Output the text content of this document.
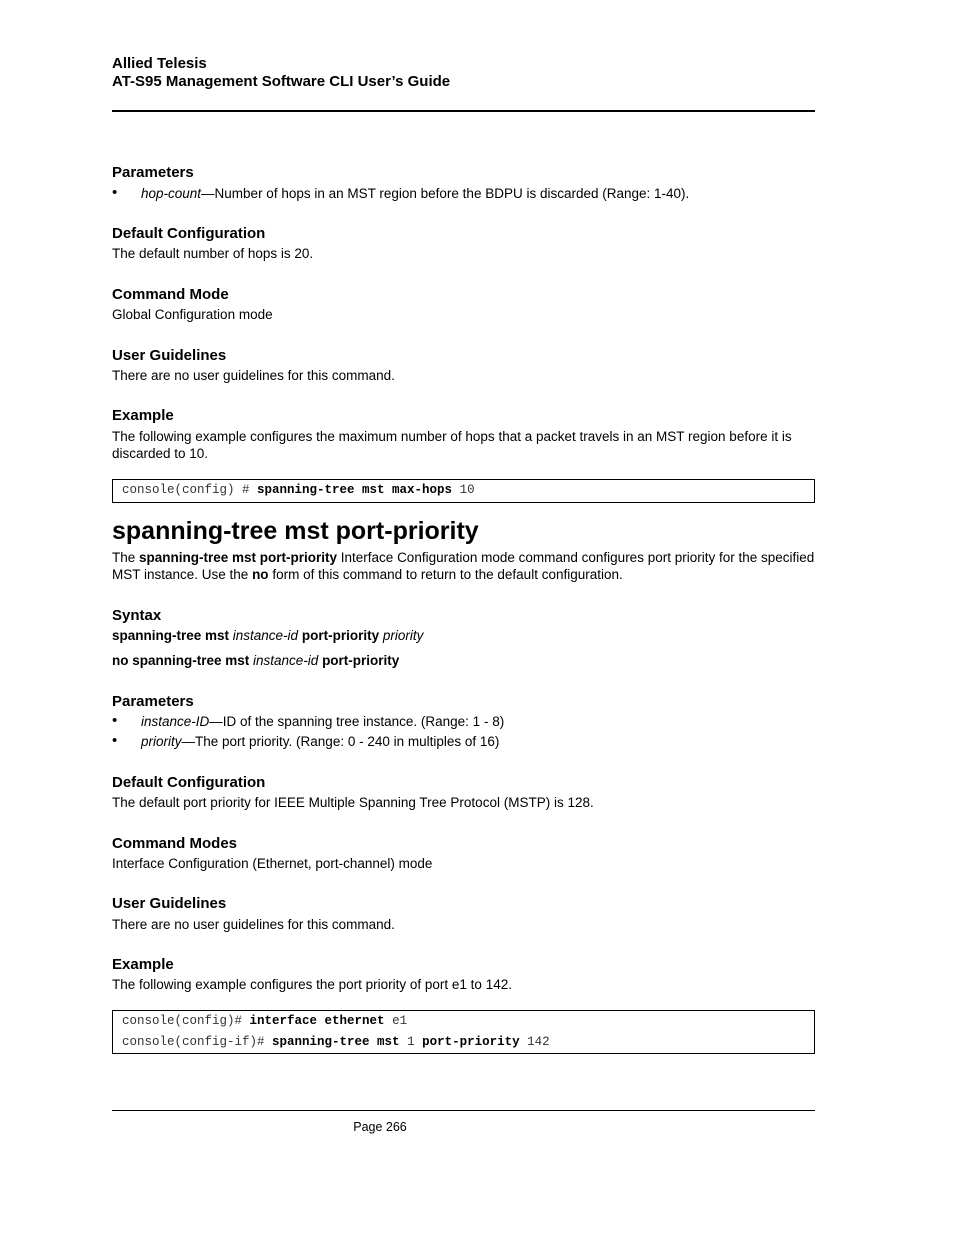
Allied Telesis
AT-S95 Management Software CLI User’s Guide
Parameters
• hop-count—Number of hops in an MST region before the BDPU is discarded (Range: 1-40).
Default Configuration
The default number of hops is 20.
Command Mode
Global Configuration mode
User Guidelines
There are no user guidelines for this command.
Example
The following example configures the maximum number of hops that a packet travels in an MST region before it is discarded to 10.
console(config) # spanning-tree mst max-hops 10
spanning-tree mst port-priority
The spanning-tree mst port-priority Interface Configuration mode command configures port priority for the specified MST instance. Use the no form of this command to return to the default configuration.
Syntax
spanning-tree mst instance-id port-priority priority
no spanning-tree mst instance-id port-priority
Parameters
• instance-ID—ID of the spanning tree instance. (Range: 1 - 8)
• priority—The port priority. (Range: 0 - 240 in multiples of 16)
Default Configuration
The default port priority for IEEE Multiple Spanning Tree Protocol (MSTP) is 128.
Command Modes
Interface Configuration (Ethernet, port-channel) mode
User Guidelines
There are no user guidelines for this command.
Example
The following example configures the port priority of port e1 to 142.
console(config)# interface ethernet e1
console(config-if)# spanning-tree mst 1 port-priority 142
Page 266
